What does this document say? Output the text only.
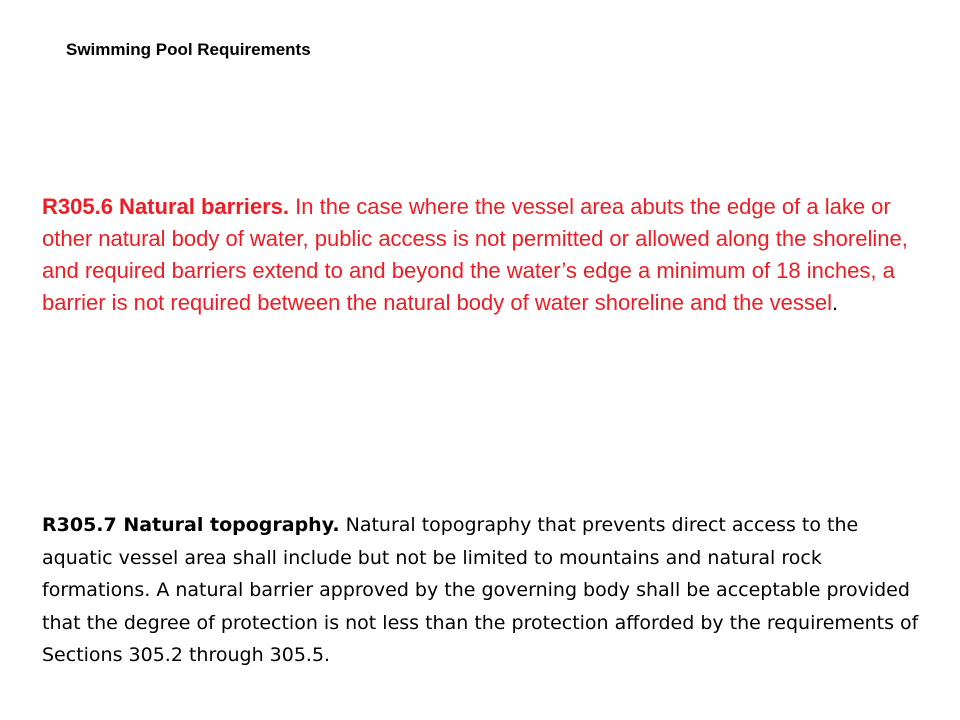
Swimming Pool Requirements

R305.6 Natural barriers. In the case where the vessel area abuts the edge of a lake or other natural body of water, public access is not permitted or allowed along the shoreline, and required barriers extend to and beyond the water’s edge a minimum of 18 inches, a barrier is not required between the natural body of water shoreline and the vessel.

R305.7 Natural topography. Natural topography that prevents direct access to the aquatic vessel area shall include but not be limited to mountains and natural rock formations. A natural barrier approved by the governing body shall be acceptable provided that the degree of protection is not less than the protection afforded by the requirements of Sections 305.2 through 305.5.
